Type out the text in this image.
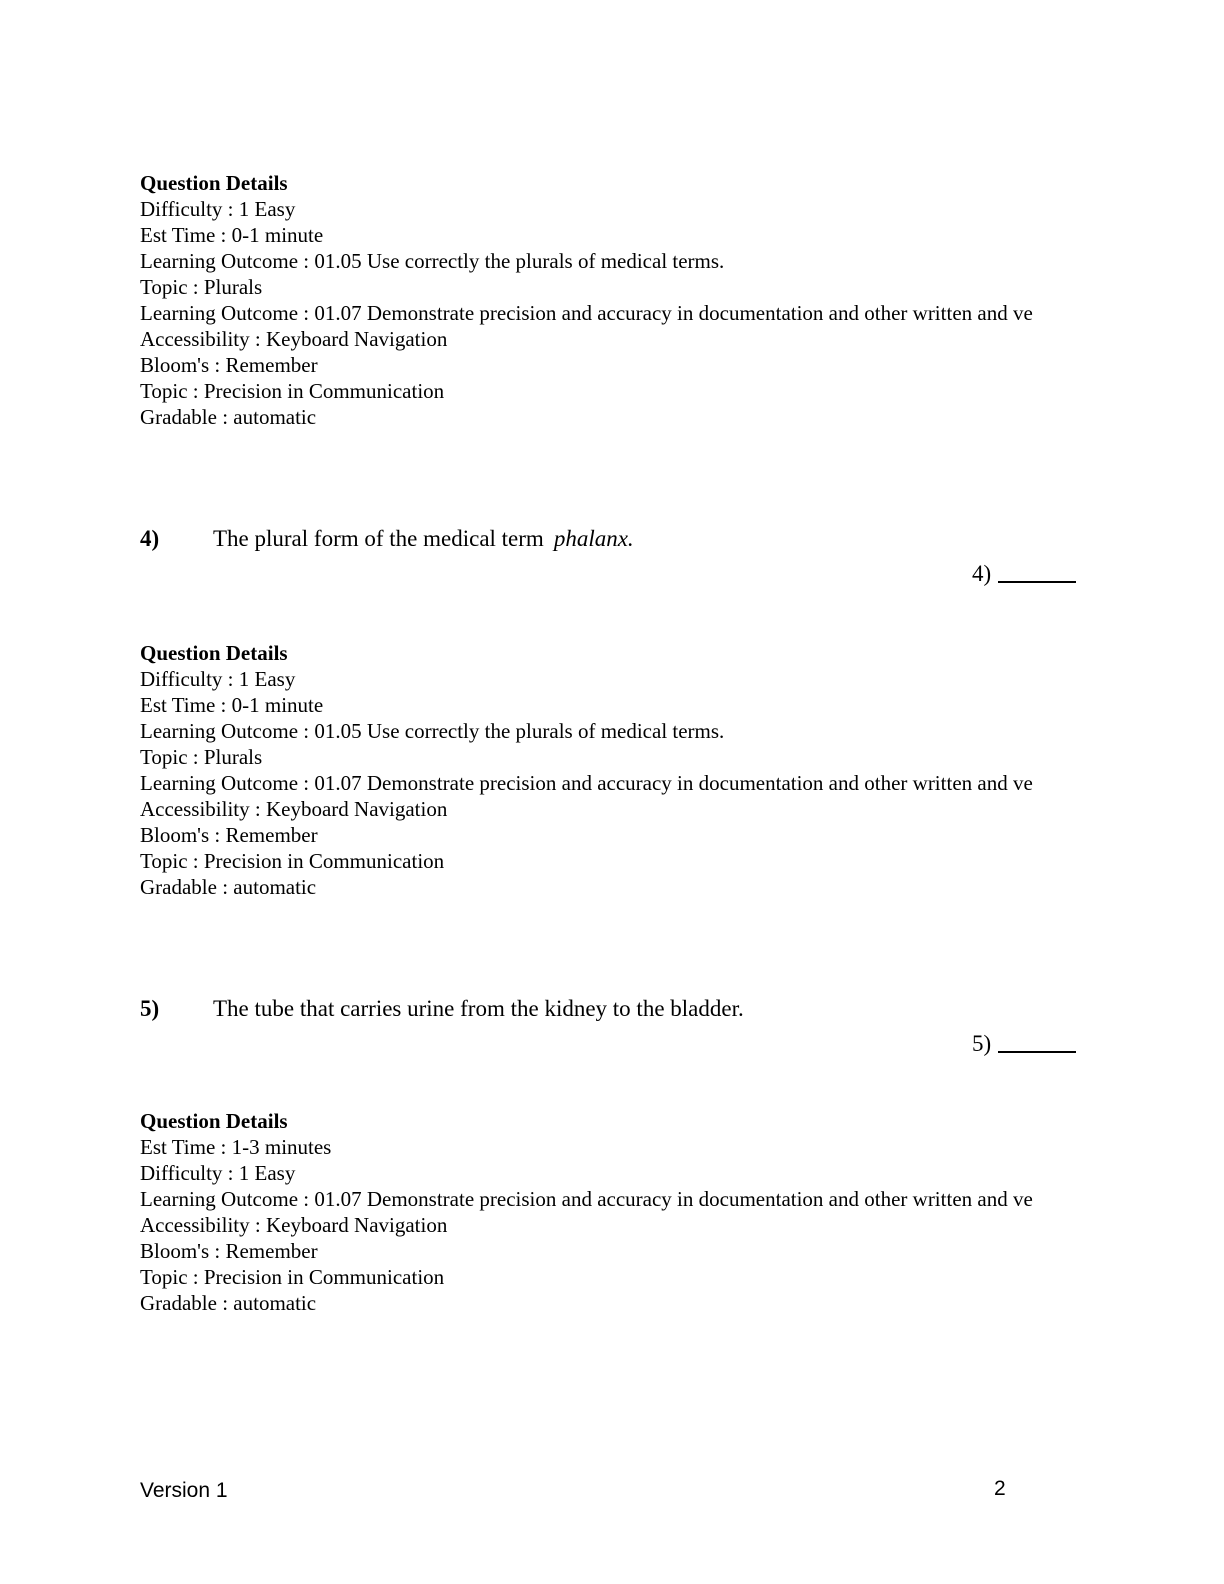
Question Details
Difficulty : 1 Easy
Est Time : 0-1 minute
Learning Outcome : 01.05 Use correctly the plurals of medical terms.
Topic : Plurals
Learning Outcome : 01.07 Demonstrate precision and accuracy in documentation and other written and ve
Accessibility : Keyboard Navigation
Bloom's : Remember
Topic : Precision in Communication
Gradable : automatic
4) The plural form of the medical term phalanx.
4)
Question Details
Difficulty : 1 Easy
Est Time : 0-1 minute
Learning Outcome : 01.05 Use correctly the plurals of medical terms.
Topic : Plurals
Learning Outcome : 01.07 Demonstrate precision and accuracy in documentation and other written and ve
Accessibility : Keyboard Navigation
Bloom's : Remember
Topic : Precision in Communication
Gradable : automatic
5) The tube that carries urine from the kidney to the bladder.
5)
Question Details
Est Time : 1-3 minutes
Difficulty : 1 Easy
Learning Outcome : 01.07 Demonstrate precision and accuracy in documentation and other written and ve
Accessibility : Keyboard Navigation
Bloom's : Remember
Topic : Precision in Communication
Gradable : automatic
Version 1	2
